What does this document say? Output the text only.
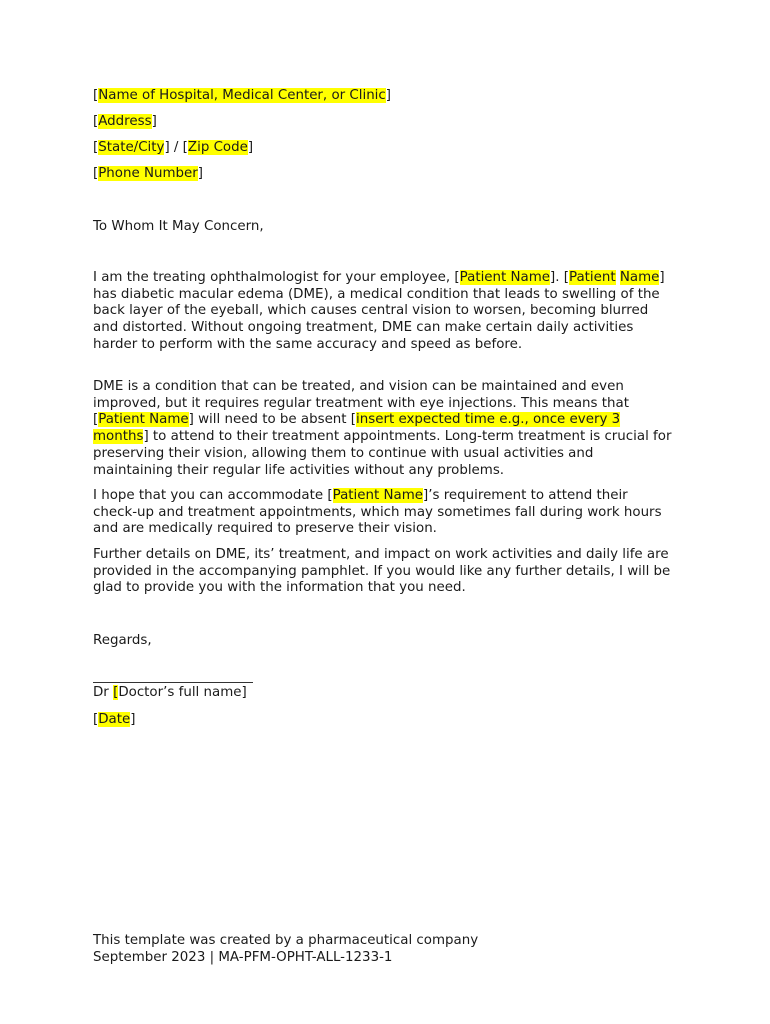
[Name of Hospital, Medical Center, or Clinic]
[Address]
[State/City] / [Zip Code]
[Phone Number]
To Whom It May Concern,
I am the treating ophthalmologist for your employee, [Patient Name]. [Patient Name] has diabetic macular edema (DME), a medical condition that leads to swelling of the back layer of the eyeball, which causes central vision to worsen, becoming blurred and distorted. Without ongoing treatment, DME can make certain daily activities harder to perform with the same accuracy and speed as before.
DME is a condition that can be treated, and vision can be maintained and even improved, but it requires regular treatment with eye injections. This means that [Patient Name] will need to be absent [insert expected time e.g., once every 3 months] to attend to their treatment appointments. Long-term treatment is crucial for preserving their vision, allowing them to continue with usual activities and maintaining their regular life activities without any problems.
I hope that you can accommodate [Patient Name]’s requirement to attend their check-up and treatment appointments, which may sometimes fall during work hours and are medically required to preserve their vision.
Further details on DME, its’ treatment, and impact on work activities and daily life are provided in the accompanying pamphlet. If you would like any further details, I will be glad to provide you with the information that you need.
Regards,
Dr [Doctor’s full name]
[Date]
This template was created by a pharmaceutical company
September 2023 | MA-PFM-OPHT-ALL-1233-1
